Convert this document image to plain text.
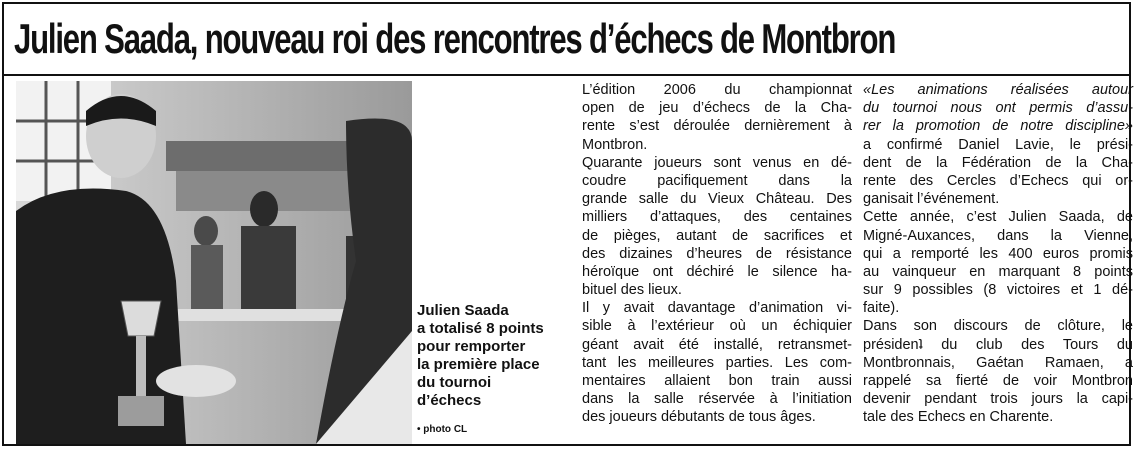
Julien Saada, nouveau roi des rencontres d’échecs de Montbron
Julien Saada
a totalisé 8 points
pour remporter
la première place
du tournoi
d’échecs
• photo CL
L’édition 2006 du championnat
open de jeu d’échecs de la Cha-
rente s’est déroulée dernièrement à
Montbron.
Quarante joueurs sont venus en dé-
coudre pacifiquement dans la
grande salle du Vieux Château. Des
milliers d’attaques, des centaines
de pièges, autant de sacrifices et
des dizaines d’heures de résistance
héroïque ont déchiré le silence ha-
bituel des lieux.
Il y avait davantage d’animation vi-
sible à l’extérieur où un échiquier
géant avait été installé, retransmet-
tant les meilleures parties. Les com-
mentaires allaient bon train aussi
dans la salle réservée à l’initiation
des joueurs débutants de tous âges.
«Les animations réalisées autour
du tournoi nous ont permis d’assu-
rer la promotion de notre discipline»
a confirmé Daniel Lavie, le prési-
dent de la Fédération de la Cha-
rente des Cercles d’Echecs qui or-
ganisait l’événement.
Cette année, c’est Julien Saada, de
Migné-Auxances, dans la Vienne,
qui a remporté les 400 euros promis
au vainqueur en marquant 8 points
sur 9 possibles (8 victoires et 1 dé-
faite).
Dans son discours de clôture, le
présidenʇ du club des Tours du
Montbronnais, Gaétan Ramaen, a
rappelé sa fierté de voir Montbron
devenir pendant trois jours la capi-
tale des Echecs en Charente.
